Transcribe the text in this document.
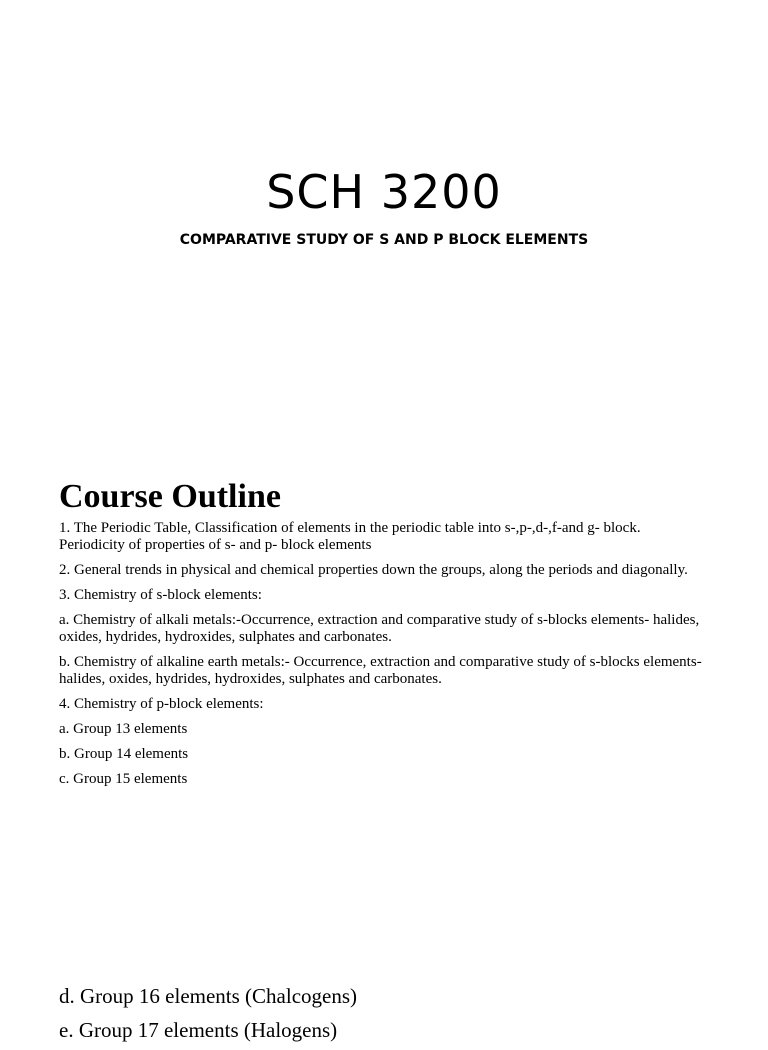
SCH 3200
COMPARATIVE STUDY OF S AND P BLOCK ELEMENTS
Course Outline

1. The Periodic Table, Classification of elements in the periodic table into s-,p-,d-,f-and g- block. Periodicity of properties of s- and p- block elements

2. General trends in physical and chemical properties down the groups, along the periods and diagonally.

3. Chemistry of s-block elements:

a. Chemistry of alkali metals:-Occurrence, extraction and comparative study of s-blocks elements- halides, oxides, hydrides, hydroxides, sulphates and carbonates.

b. Chemistry of alkaline earth metals:- Occurrence, extraction and comparative study of s-blocks elements- halides, oxides, hydrides, hydroxides, sulphates and carbonates.

4. Chemistry of p-block elements:

a. Group 13 elements

b. Group 14 elements

c. Group 15 elements

d. Group 16 elements (Chalcogens)

e. Group 17 elements (Halogens)
